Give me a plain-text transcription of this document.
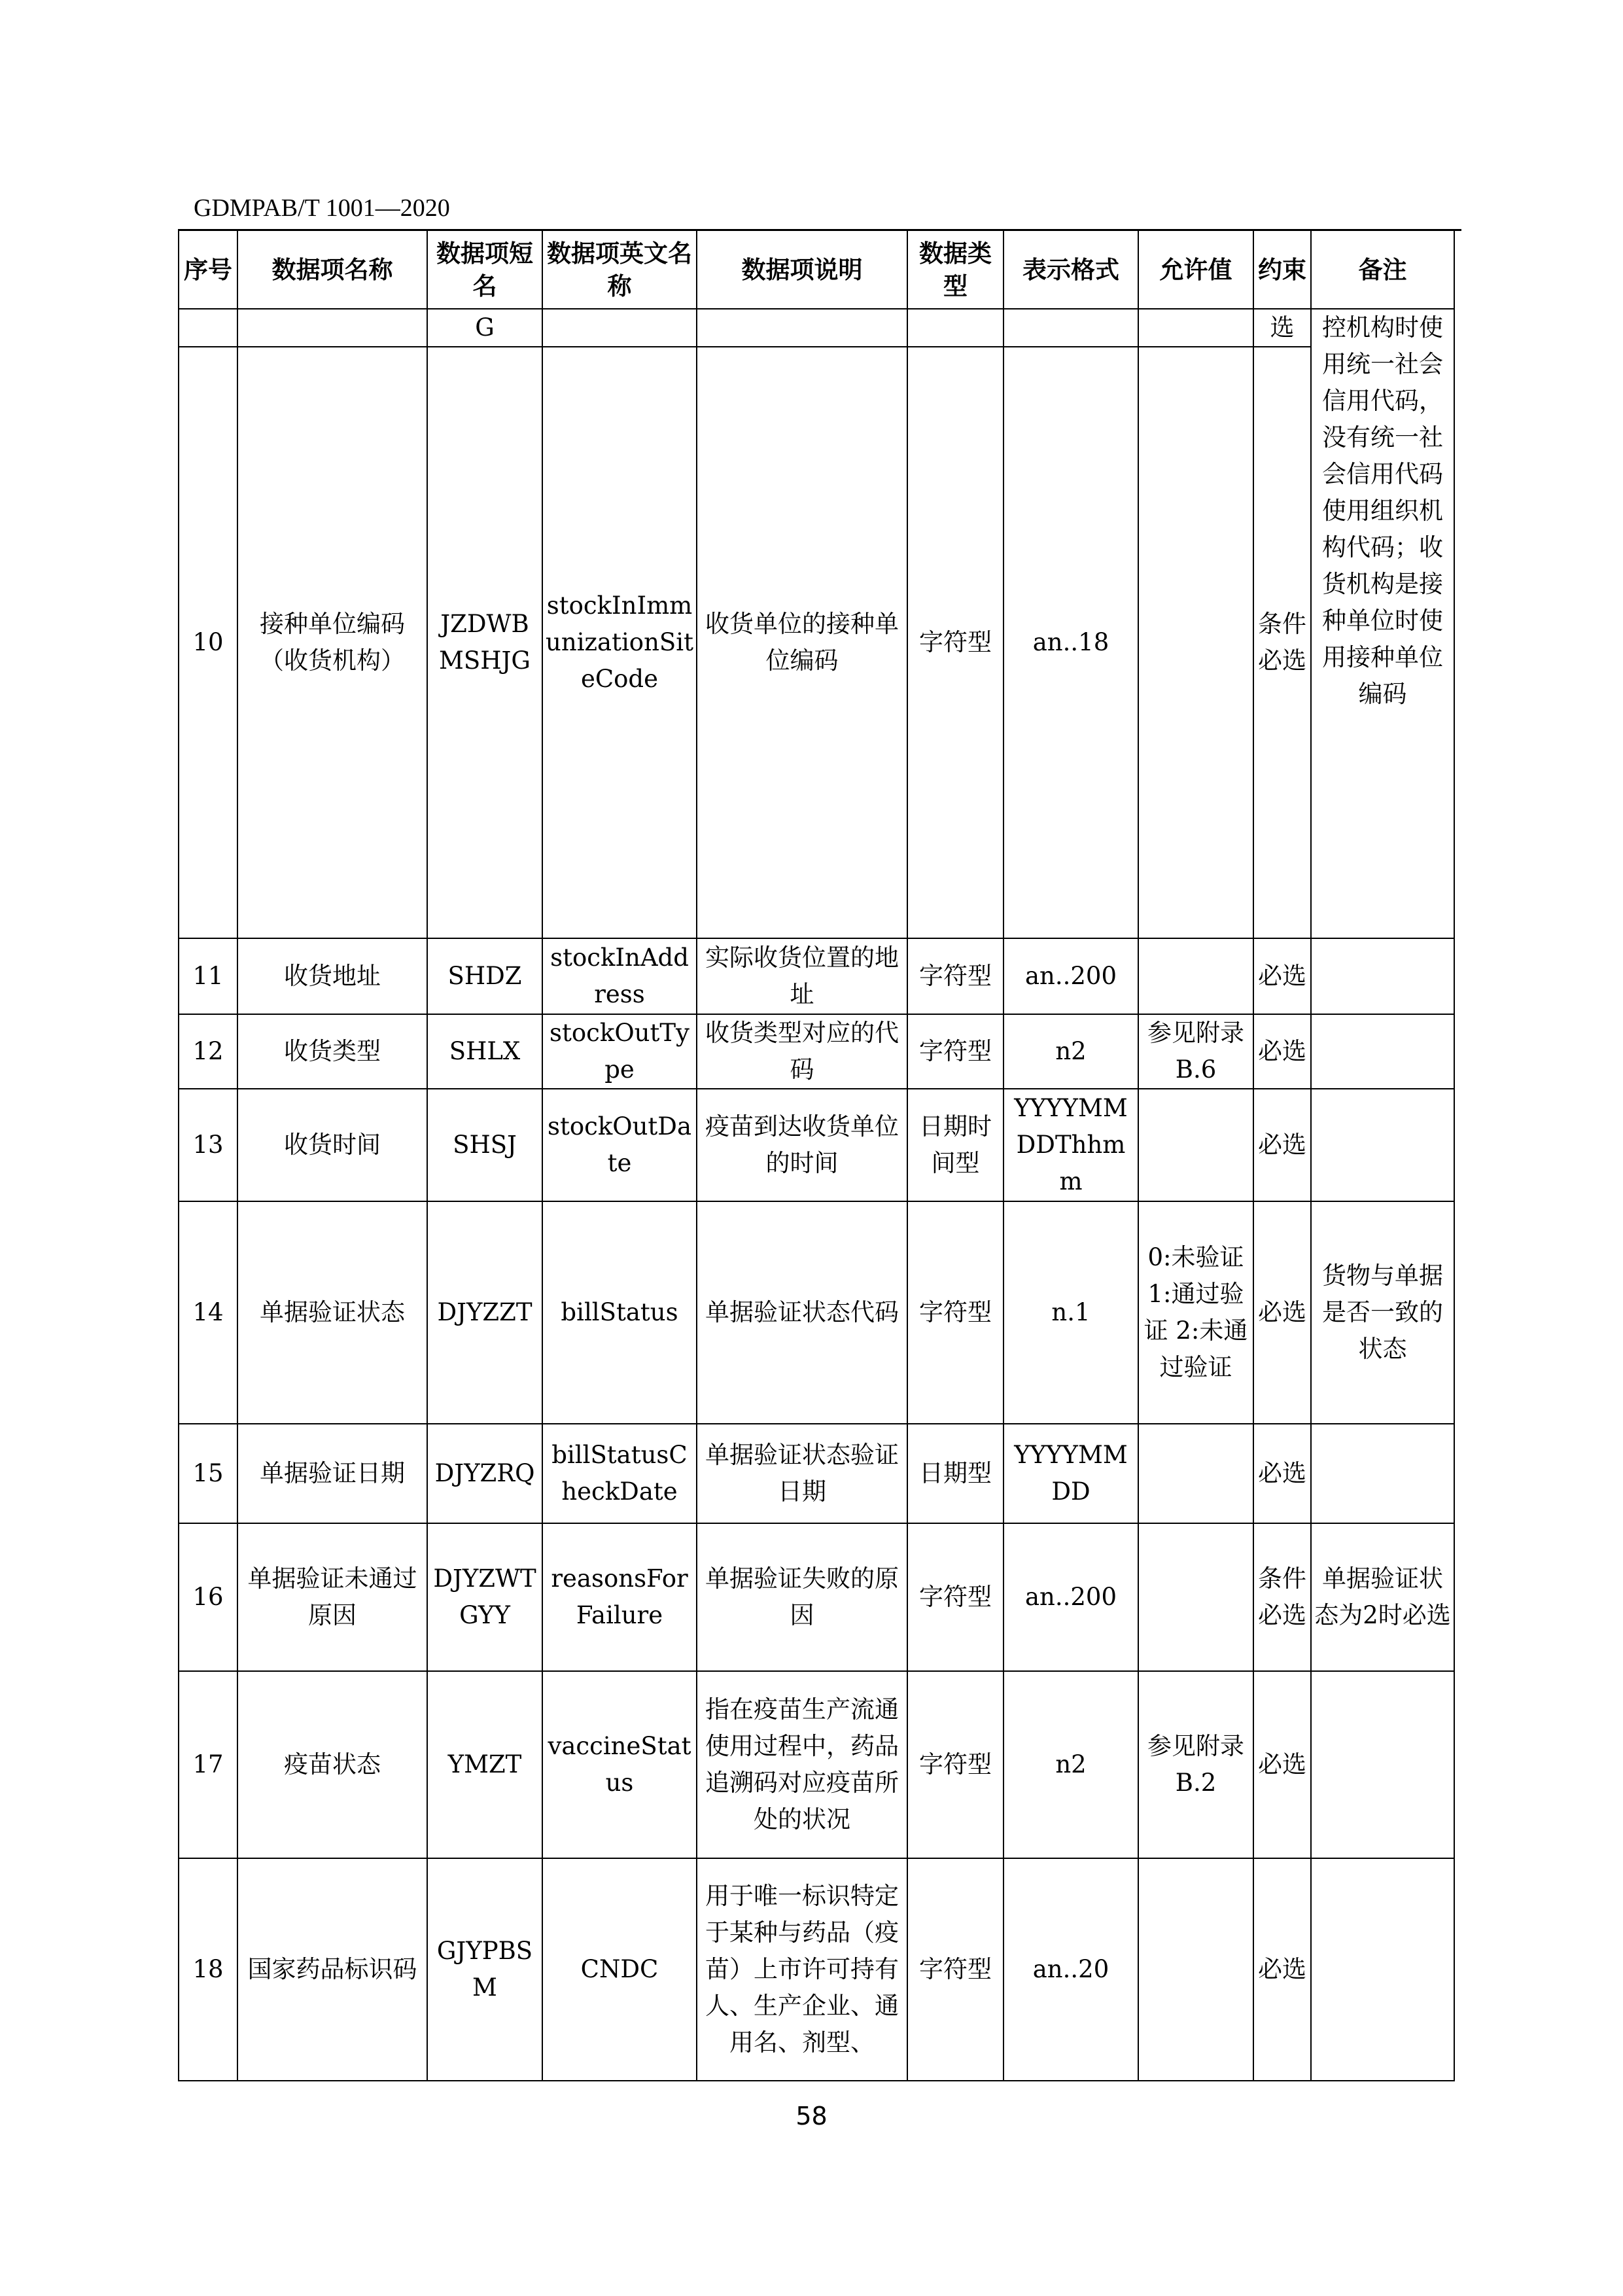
GDMPAB/T 1001—2020
序号	数据项名称	数据项短名	数据项英文名称	数据项说明	数据类型	表示格式	允许值	约束	备注
		G						选	控机构时使用统一社会信用代码，没有统一社会信用代码使用组织机构代码；收货机构是接种单位时使用接种单位编码
10	接种单位编码（收货机构）	JZDWBMSHJG	stockInImmunizationSiteCode	收货单位的接种单位编码	字符型	an..18		条件必选	
11	收货地址	SHDZ	stockInAddress	实际收货位置的地址	字符型	an..200		必选	
12	收货类型	SHLX	stockOutType	收货类型对应的代码	字符型	n2	参见附录 B.6	必选	
13	收货时间	SHSJ	stockOutDate	疫苗到达收货单位的时间	日期时间型	YYYYMMDDThhmm		必选	
14	单据验证状态	DJYZZT	billStatus	单据验证状态代码	字符型	n.1	0:未验证 1:通过验证 2:未通过验证	必选	货物与单据是否一致的状态
15	单据验证日期	DJYZRQ	billStatusCheckDate	单据验证状态验证日期	日期型	YYYYMMDD		必选	
16	单据验证未通过原因	DJYZWTGYY	reasonsForFailure	单据验证失败的原因	字符型	an..200		条件必选	单据验证状态为2时必选
17	疫苗状态	YMZT	vaccineStatus	指在疫苗生产流通使用过程中，药品追溯码对应疫苗所处的状况	字符型	n2	参见附录B.2	必选	
18	国家药品标识码	GJYPBSM	CNDC	用于唯一标识特定于某种与药品（疫苗）上市许可持有人、生产企业、通用名、剂型、	字符型	an..20		必选	
58
